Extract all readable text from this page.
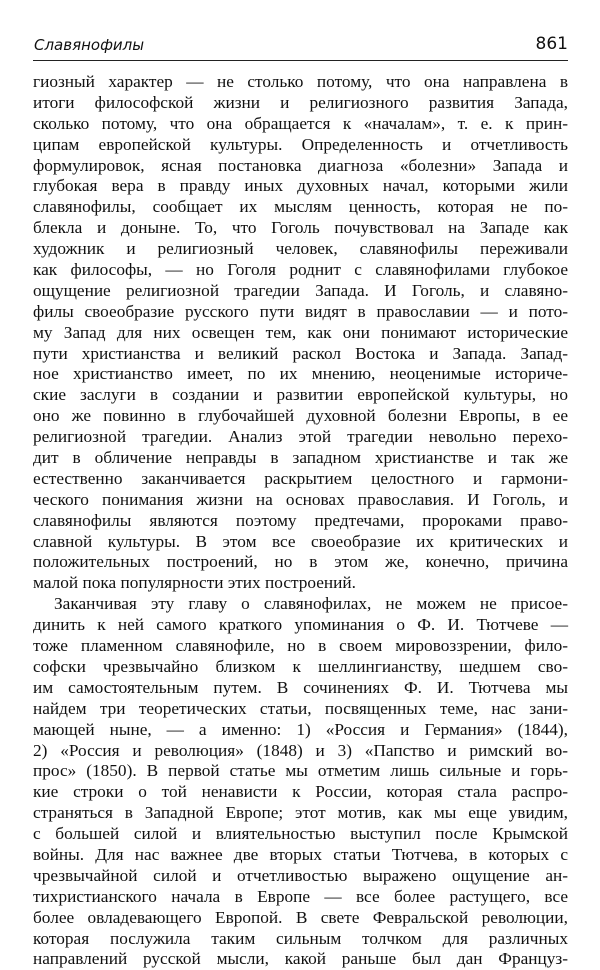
Славянофилы	861
гиозный характер — не столько потому, что она направлена в
итоги философской жизни и религиозного развития Запада,
сколько потому, что она обращается к «началам», т. е. к прин-
ципам европейской культуры. Определенность и отчетливость
формулировок, ясная постановка диагноза «болезни» Запада и
глубокая вера в правду иных духовных начал, которыми жили
славянофилы, сообщает их мыслям ценность, которая не по-
блекла и доныне. То, что Гоголь почувствовал на Западе как
художник и религиозный человек, славянофилы переживали
как философы, — но Гоголя роднит с славянофилами глубокое
ощущение религиозной трагедии Запада. И Гоголь, и славяно-
филы своеобразие русского пути видят в православии — и пото-
му Запад для них освещен тем, как они понимают исторические
пути христианства и великий раскол Востока и Запада. Запад-
ное христианство имеет, по их мнению, неоценимые историче-
ские заслуги в создании и развитии европейской культуры, но
оно же повинно в глубочайшей духовной болезни Европы, в ее
религиозной трагедии. Анализ этой трагедии невольно перехо-
дит в обличение неправды в западном христианстве и так же
естественно заканчивается раскрытием целостного и гармони-
ческого понимания жизни на основах православия. И Гоголь, и
славянофилы являются поэтому предтечами, пророками право-
славной культуры. В этом все своеобразие их критических и
положительных построений, но в этом же, конечно, причина
малой пока популярности этих построений.
Заканчивая эту главу о славянофилах, не можем не присое-
динить к ней самого краткого упоминания о Ф. И. Тютчеве —
тоже пламенном славянофиле, но в своем мировоззрении, фило-
софски чрезвычайно близком к шеллингианству, шедшем сво-
им самостоятельным путем. В сочинениях Ф. И. Тютчева мы
найдем три теоретических статьи, посвященных теме, нас зани-
мающей ныне, — а именно: 1) «Россия и Германия» (1844),
2) «Россия и революция» (1848) и 3) «Папство и римский во-
прос» (1850). В первой статье мы отметим лишь сильные и горь-
кие строки о той ненависти к России, которая стала распро-
страняться в Западной Европе; этот мотив, как мы еще увидим,
с большей силой и влиятельностью выступил после Крымской
войны. Для нас важнее две вторых статьи Тютчева, в которых с
чрезвычайной силой и отчетливостью выражено ощущение ан-
тихристианского начала в Европе — все более растущего, все
более овладевающего Европой. В свете Февральской революции,
которая послужила таким сильным толчком для различных
направлений русской мысли, какой раньше был дан Француз-
